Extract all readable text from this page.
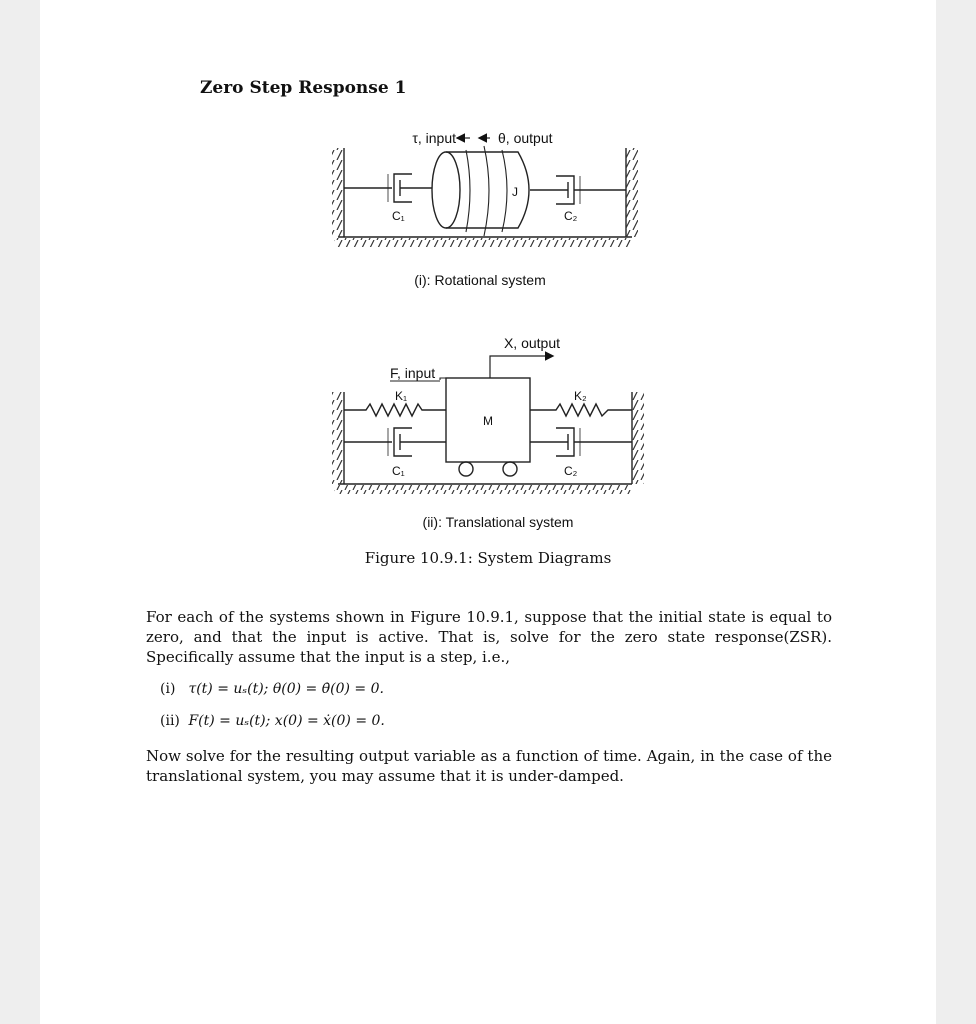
Zero Step Response 1
τ, input	θ, output
J
C₁	C₂
(i): Rotational system
X, output
F, input
K₁	K₂
M
C₁	C₂
(ii): Translational system
Figure 10.9.1: System Diagrams
For each of the systems shown in Figure 10.9.1, suppose that the initial state is equal to zero, and that the input is active. That is, solve for the zero state response(ZSR). Specifically assume that the input is a step, i.e.,
(i) τ(t) = uₛ(t); θ(0) = θ̇(0) = 0.
(ii) F(t) = uₛ(t); x(0) = ẋ(0) = 0.
Now solve for the resulting output variable as a function of time. Again, in the case of the translational system, you may assume that it is under-damped.
